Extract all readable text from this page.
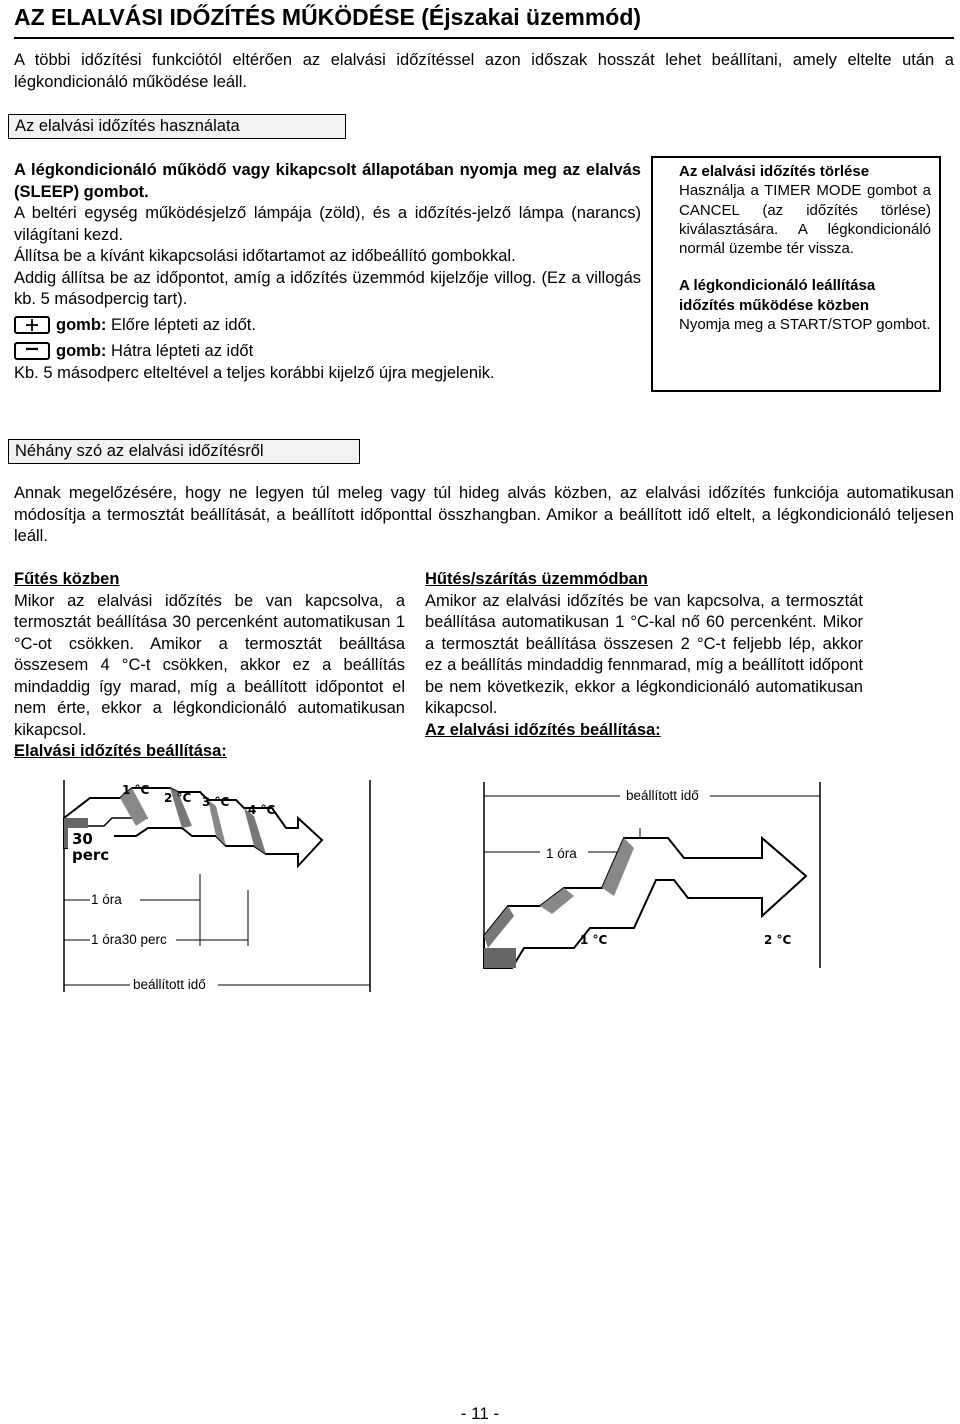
AZ ELALVÁSI IDŐZÍTÉS MŰKÖDÉSE (Éjszakai üzemmód)
A többi időzítési funkciótól eltérően az elalvási időzítéssel azon időszak hosszát lehet beállítani, amely eltelte után a légkondicionáló működése leáll.
Az elalvási időzítés használata
A légkondicionáló működő vagy kikapcsolt állapotában nyomja meg az elalvás (SLEEP) gombot.
A beltéri egység működésjelző lámpája (zöld), és a időzítés-jelző lámpa (narancs) világítani kezd.
Állítsa be a kívánt kikapcsolási időtartamot az időbeállító gombokkal.
Addig állítsa be az időpontot, amíg a időzítés üzemmód kijelzője villog. (Ez a villogás kb. 5 másodpercig tart).
gomb: Előre lépteti az időt.
gomb: Hátra lépteti az időt
Kb. 5 másodperc elteltével a teljes korábbi kijelző újra megjelenik.
Az elalvási időzítés törlése
Használja a TIMER MODE gombot a CANCEL (az időzítés törlése) kiválasztására. A légkondicionáló normál üzembe tér vissza.
A légkondicionáló leállítása
időzítés működése közben
Nyomja meg a START/STOP gombot.
Néhány szó az elalvási időzítésről
Annak megelőzésére, hogy ne legyen túl meleg vagy túl hideg alvás közben, az elalvási időzítés funkciója automatikusan módosítja a termosztát beállítását, a beállított időponttal összhangban. Amikor a beállított idő eltelt, a légkondicionáló teljesen leáll.
Fűtés közben
Mikor az elalvási időzítés be van kapcsolva, a termosztát beállítása 30 percenként automatikusan 1 °C-ot csökken. Amikor a termosztát beálltása összesem 4 °C-t csökken, akkor ez a beállítás mindaddig így marad, míg a beállított időpontot el nem érte, ekkor a légkondicionáló automatikusan kikapcsol.
Elalvási időzítés beállítása:
Hűtés/szárítás üzemmódban
Amikor az elalvási időzítés be van kapcsolva, a termosztát beállítása automatikusan 1 °C-kal nő 60 percenként. Mikor a termosztát beállítása összesen 2 °C-t feljebb lép, akkor ez a beállítás mindaddig fennmarad, míg a beállított időpont be nem következik, ekkor a légkondicionáló automatikusan kikapcsol.
Az elalvási időzítés beállítása:
1 °C
2 °C 3 °C
4 °C
30
perc
1 óra
1 óra30 perc
beállított idő
beállított idő
1 óra
1 °C	2 °C
- 11 -
